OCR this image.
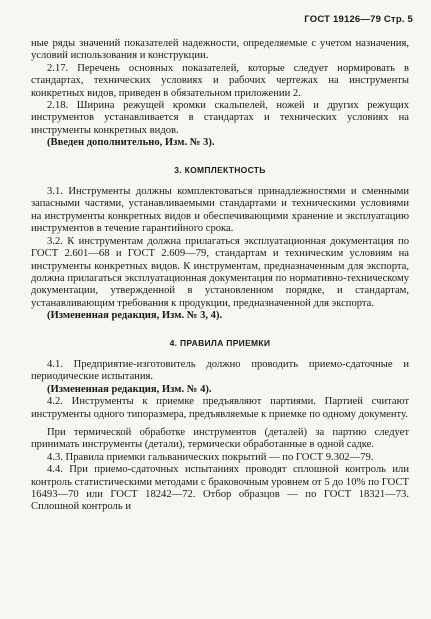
ГОСТ 19126—79 Стр. 5

ные ряды значений показателей надежности, определяемые с учетом назначения, условий использования и конструкции.

2.17. Перечень основных показателей, которые следует нормировать в стандартах, технических условиях и рабочих чертежах на инструменты конкретных видов, приведен в обязательном приложении 2.

2.18. Ширина режущей кромки скальпелей, ножей и других режущих инструментов устанавливается в стандартах и технических условиях на инструменты конкретных видов.

(Введен дополнительно, Изм. № 3).

3. КОМПЛЕКТНОСТЬ

3.1. Инструменты должны комплектоваться принадлежностями и сменными запасными частями, устанавливаемыми стандартами и техническими условиями на инструменты конкретных видов и обеспечивающими хранение и эксплуатацию инструментов в течение гарантийного срока.

3.2. К инструментам должна прилагаться эксплуатационная документация по ГОСТ 2.601—68 и ГОСТ 2.609—79, стандартам и техническим условиям на инструменты конкретных видов. К инструментам, предназначенным для экспорта, должна прилагаться эксплуатационная документация по нормативно-техническому документации, утвержденной в установленном порядке, и стандартам, устанавливающим требования к продукции, предназначенной для экспорта.

(Измененная редакция, Изм. № 3, 4).

4. ПРАВИЛА ПРИЕМКИ

4.1. Предприятие-изготовитель должно проводить приемо-сдаточные и периодические испытания.

(Измененная редакция, Изм. № 4).

4.2. Инструменты к приемке предъявляют партиями. Партией считают инструменты одного типоразмера, предъявляемые к приемке по одному документу.

При термической обработке инструментов (деталей) за партию следует принимать инструменты (детали), термически обработанные в одной садке.

4.3. Правила приемки гальванических покрытий — по ГОСТ 9.302—79.

4.4. При приемо-сдаточных испытаниях проводят сплошной контроль или контроль статистическими методами с браковочным уровнем от 5 до 10% по ГОСТ 16493—70 или ГОСТ 18242—72. Отбор образцов — по ГОСТ 18321—73. Сплошной контроль и
